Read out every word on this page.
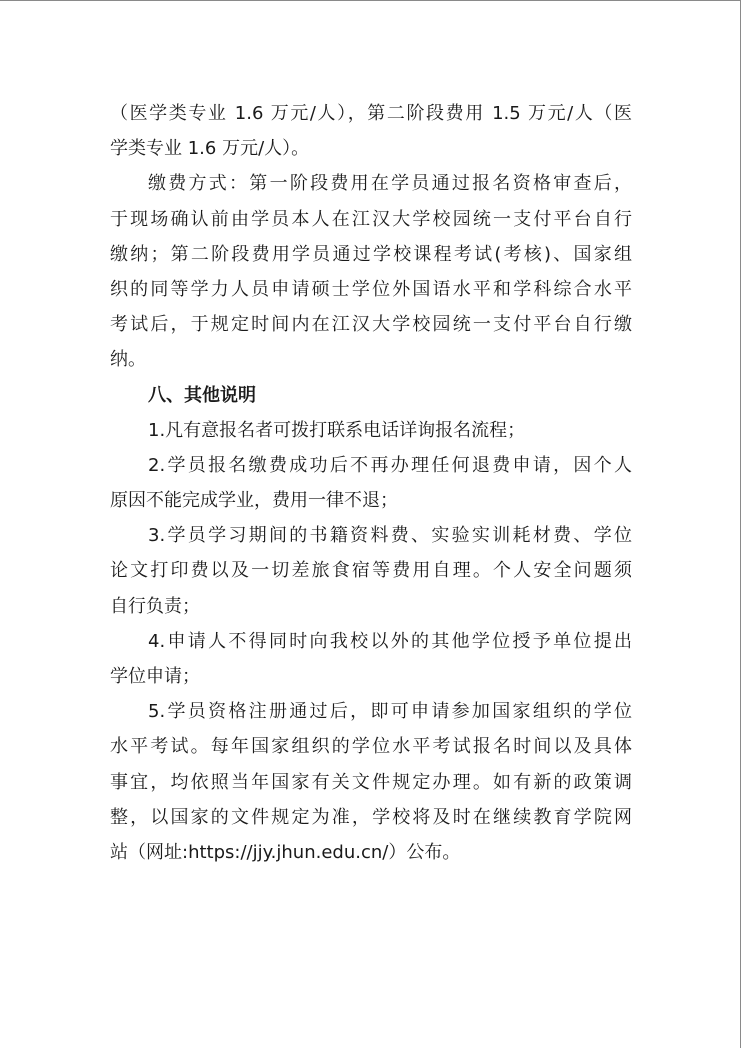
（医学类专业 1.6 万元/人），第二阶段费用 1.5 万元/人（医
学类专业 1.6 万元/人）。
缴费方式：第一阶段费用在学员通过报名资格审查后，
于现场确认前由学员本人在江汉大学校园统一支付平台自行
缴纳；第二阶段费用学员通过学校课程考试(考核)、国家组
织的同等学力人员申请硕士学位外国语水平和学科综合水平
考试后，于规定时间内在江汉大学校园统一支付平台自行缴
纳。
八、其他说明
1.凡有意报名者可拨打联系电话详询报名流程；
2.学员报名缴费成功后不再办理任何退费申请，因个人
原因不能完成学业，费用一律不退；
3.学员学习期间的书籍资料费、实验实训耗材费、学位
论文打印费以及一切差旅食宿等费用自理。个人安全问题须
自行负责；
4.申请人不得同时向我校以外的其他学位授予单位提出
学位申请；
5.学员资格注册通过后，即可申请参加国家组织的学位
水平考试。每年国家组织的学位水平考试报名时间以及具体
事宜，均依照当年国家有关文件规定办理。如有新的政策调
整，以国家的文件规定为准，学校将及时在继续教育学院网
站（网址:https://jjy.jhun.edu.cn/）公布。
